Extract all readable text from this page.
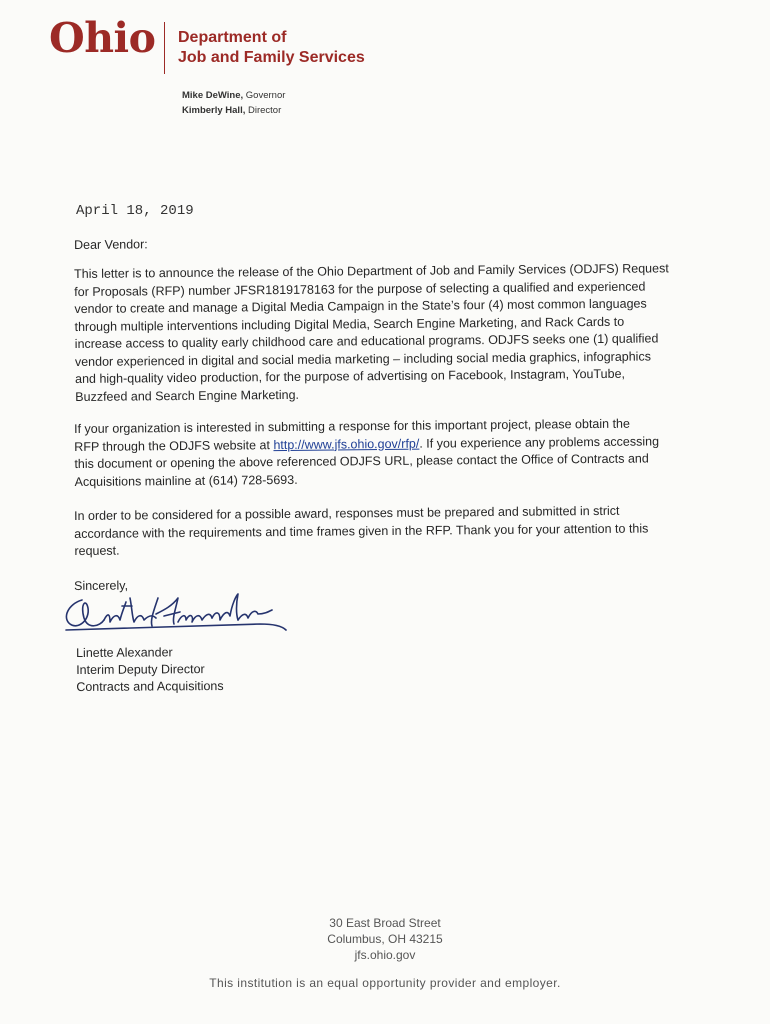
Ohio Department of
Job and Family Services
Mike DeWine, Governor
Kimberly Hall, Director
April 18, 2019
Dear Vendor:
This letter is to announce the release of the Ohio Department of Job and Family Services (ODJFS) Request
for Proposals (RFP) number JFSR1819178163 for the purpose of selecting a qualified and experienced
vendor to create and manage a Digital Media Campaign in the State’s four (4) most common languages
through multiple interventions including Digital Media, Search Engine Marketing, and Rack Cards to
increase access to quality early childhood care and educational programs. ODJFS seeks one (1) qualified
vendor experienced in digital and social media marketing – including social media graphics, infographics
and high-quality video production, for the purpose of advertising on Facebook, Instagram, YouTube,
Buzzfeed and Search Engine Marketing.
If your organization is interested in submitting a response for this important project, please obtain the
RFP through the ODJFS website at http://www.jfs.ohio.gov/rfp/. If you experience any problems accessing
this document or opening the above referenced ODJFS URL, please contact the Office of Contracts and
Acquisitions mainline at (614) 728-5693.
In order to be considered for a possible award, responses must be prepared and submitted in strict
accordance with the requirements and time frames given in the RFP. Thank you for your attention to this
request.
Sincerely,
Linette Alexander
Interim Deputy Director
Contracts and Acquisitions
30 East Broad Street
Columbus, OH 43215
jfs.ohio.gov
This institution is an equal opportunity provider and employer.
